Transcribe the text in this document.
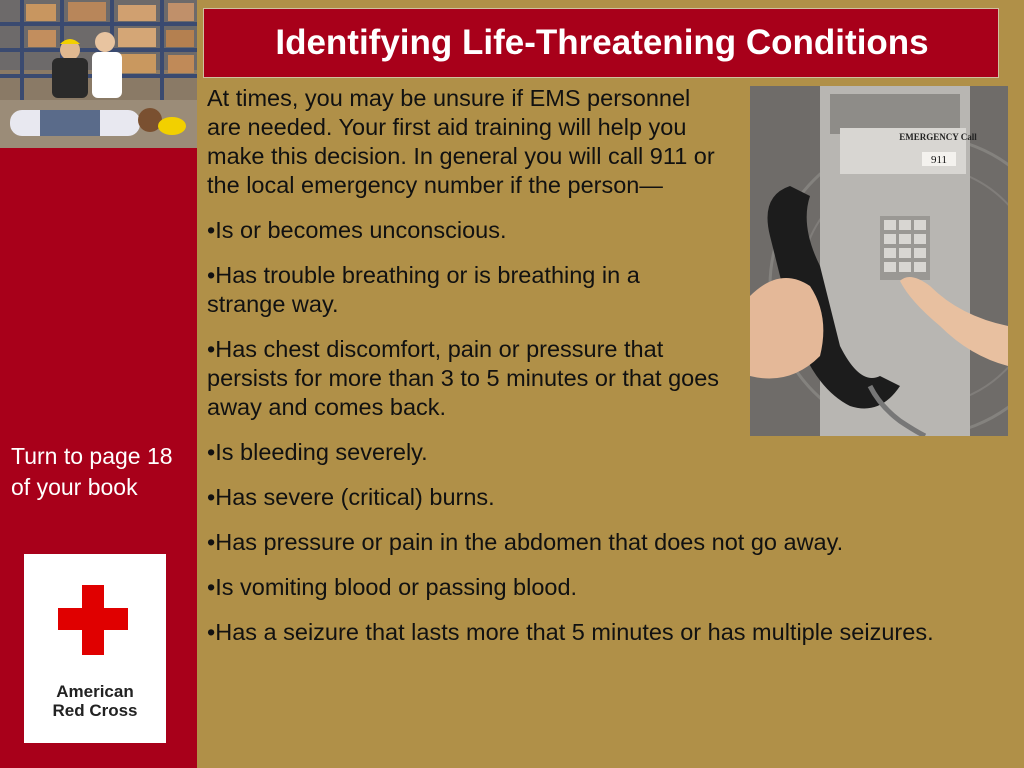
Turn to page 18 of your book
American
Red Cross
Identifying Life-Threatening Conditions
EMERGENCY Call
911

At times, you may be unsure if EMS personnel are needed. Your first aid training will help you make this decision. In general you will call 911 or the local emergency number if the person—

•Is or becomes unconscious.

•Has trouble breathing or is breathing in a strange way.

•Has chest discomfort, pain or pressure that persists for more than 3 to 5 minutes or that goes away and comes back.

•Is bleeding severely.

•Has severe (critical) burns.

•Has pressure or pain in the abdomen that does not go away.

•Is vomiting blood or passing blood.

•Has a seizure that lasts more that 5 minutes or has multiple seizures.
